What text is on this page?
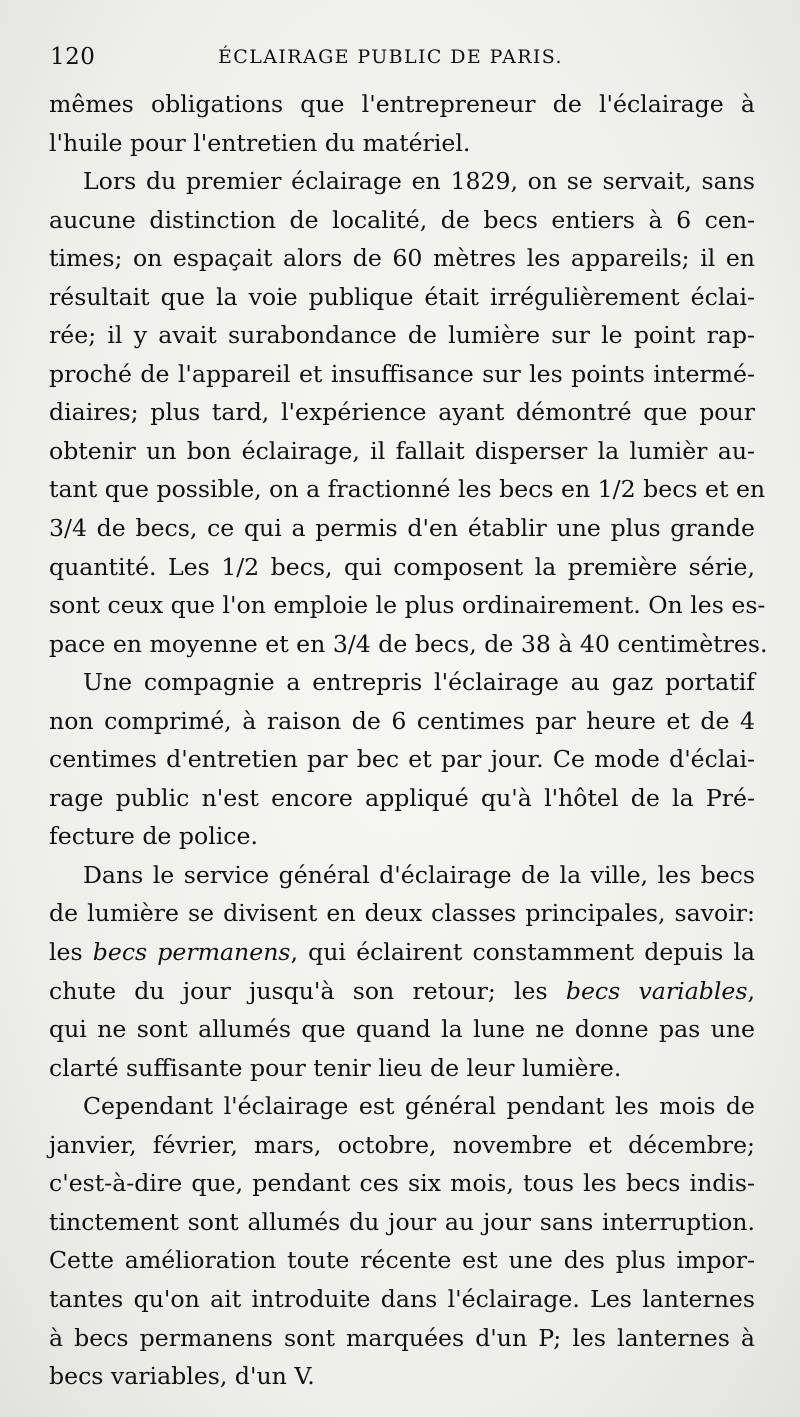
120	ÉCLAIRAGE PUBLIC DE PARIS.
mêmes obligations que l'entrepreneur de l'éclairage à
l'huile pour l'entretien du matériel.
Lors du premier éclairage en 1829, on se servait, sans
aucune distinction de localité, de becs entiers à 6 cen-
times; on espaçait alors de 60 mètres les appareils; il en
résultait que la voie publique était irrégulièrement éclai-
rée; il y avait surabondance de lumière sur le point rap-
proché de l'appareil et insuffisance sur les points intermé-
diaires; plus tard, l'expérience ayant démontré que pour
obtenir un bon éclairage, il fallait disperser la lumièr au-
tant que possible, on a fractionné les becs en 1/2 becs et en
3/4 de becs, ce qui a permis d'en établir une plus grande
quantité. Les 1/2 becs, qui composent la première série,
sont ceux que l'on emploie le plus ordinairement. On les es-
pace en moyenne et en 3/4 de becs, de 38 à 40 centimètres.
Une compagnie a entrepris l'éclairage au gaz portatif
non comprimé, à raison de 6 centimes par heure et de 4
centimes d'entretien par bec et par jour. Ce mode d'éclai-
rage public n'est encore appliqué qu'à l'hôtel de la Pré-
fecture de police.
Dans le service général d'éclairage de la ville, les becs
de lumière se divisent en deux classes principales, savoir:
les becs permanens, qui éclairent constamment depuis la
chute du jour jusqu'à son retour; les becs variables,
qui ne sont allumés que quand la lune ne donne pas une
clarté suffisante pour tenir lieu de leur lumière.
Cependant l'éclairage est général pendant les mois de
janvier, février, mars, octobre, novembre et décembre;
c'est-à-dire que, pendant ces six mois, tous les becs indis-
tinctement sont allumés du jour au jour sans interruption.
Cette amélioration toute récente est une des plus impor-
tantes qu'on ait introduite dans l'éclairage. Les lanternes
à becs permanens sont marquées d'un P; les lanternes à
becs variables, d'un V.
